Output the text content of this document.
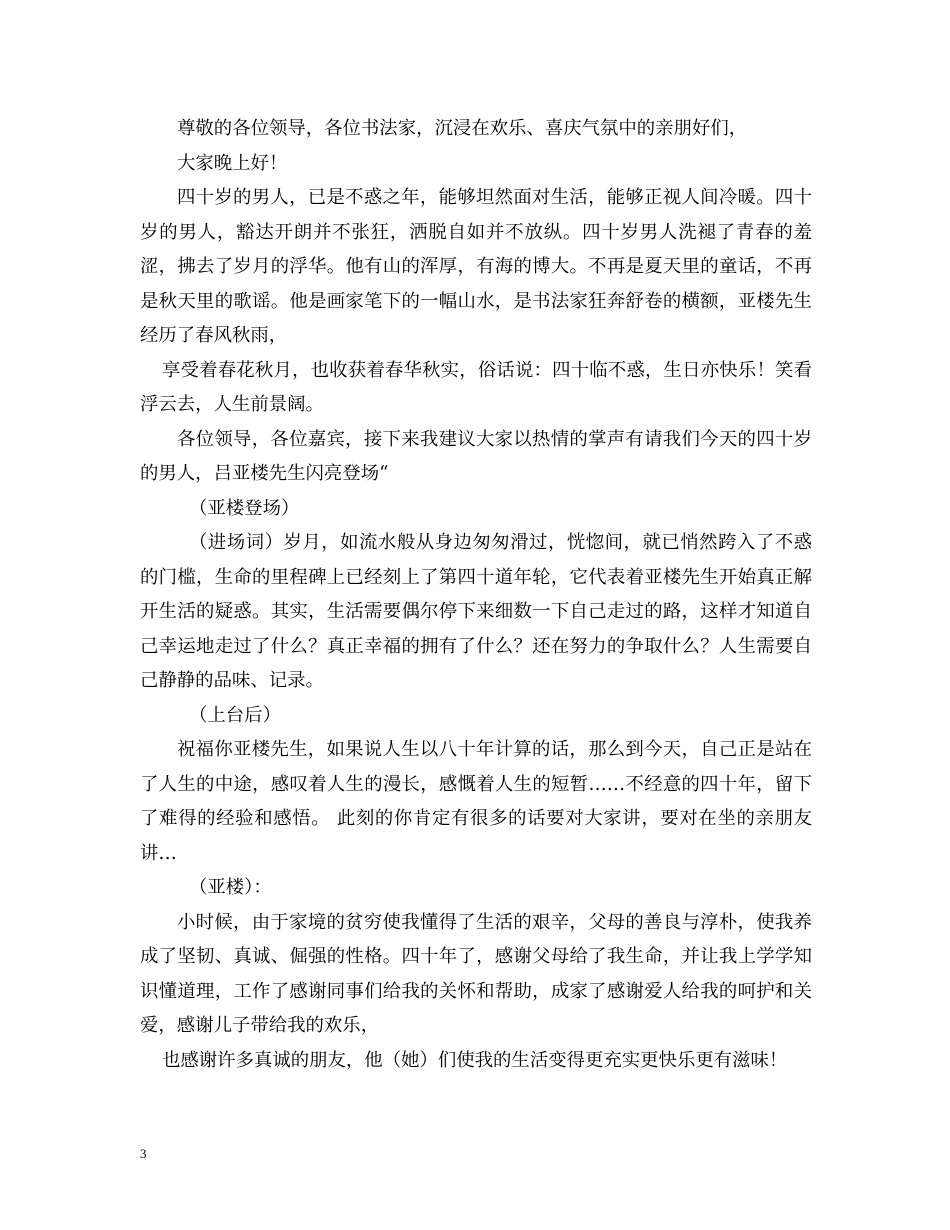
尊敬的各位领导，各位书法家，沉浸在欢乐、喜庆气氛中的亲朋好们，

大家晚上好！

四十岁的男人，已是不惑之年，能够坦然面对生活，能够正视人间冷暖。四十岁的男人，豁达开朗并不张狂，洒脱自如并不放纵。四十岁男人洗褪了青春的羞涩，拂去了岁月的浮华。他有山的浑厚，有海的博大。不再是夏天里的童话，不再是秋天里的歌谣。他是画家笔下的一幅山水，是书法家狂奔舒卷的横额，亚楼先生经历了春风秋雨，

享受着春花秋月，也收获着春华秋实，俗话说：四十临不惑，生日亦快乐！笑看浮云去，人生前景阔。

各位领导，各位嘉宾，接下来我建议大家以热情的掌声有请我们今天的四十岁的男人，吕亚楼先生闪亮登场“

（亚楼登场）

（进场词）岁月，如流水般从身边匆匆滑过，恍惚间，就已悄然跨入了不惑的门槛，生命的里程碑上已经刻上了第四十道年轮，它代表着亚楼先生开始真正解开生活的疑惑。其实，生活需要偶尔停下来细数一下自己走过的路，这样才知道自己幸运地走过了什么？真正幸福的拥有了什么？还在努力的争取什么？人生需要自己静静的品味、记录。

（上台后）

祝福你亚楼先生，如果说人生以八十年计算的话，那么到今天，自己正是站在了人生的中途，感叹着人生的漫长，感慨着人生的短暂……不经意的四十年，留下了难得的经验和感悟。 此刻的你肯定有很多的话要对大家讲，要对在坐的亲朋友讲…

（亚楼）：

小时候，由于家境的贫穷使我懂得了生活的艰辛，父母的善良与淳朴，使我养成了坚韧、真诚、倔强的性格。四十年了，感谢父母给了我生命，并让我上学学知识懂道理，工作了感谢同事们给我的关怀和帮助，成家了感谢爱人给我的呵护和关爱，感谢儿子带给我的欢乐，

也感谢许多真诚的朋友，他（她）们使我的生活变得更充实更快乐更有滋味！

3
